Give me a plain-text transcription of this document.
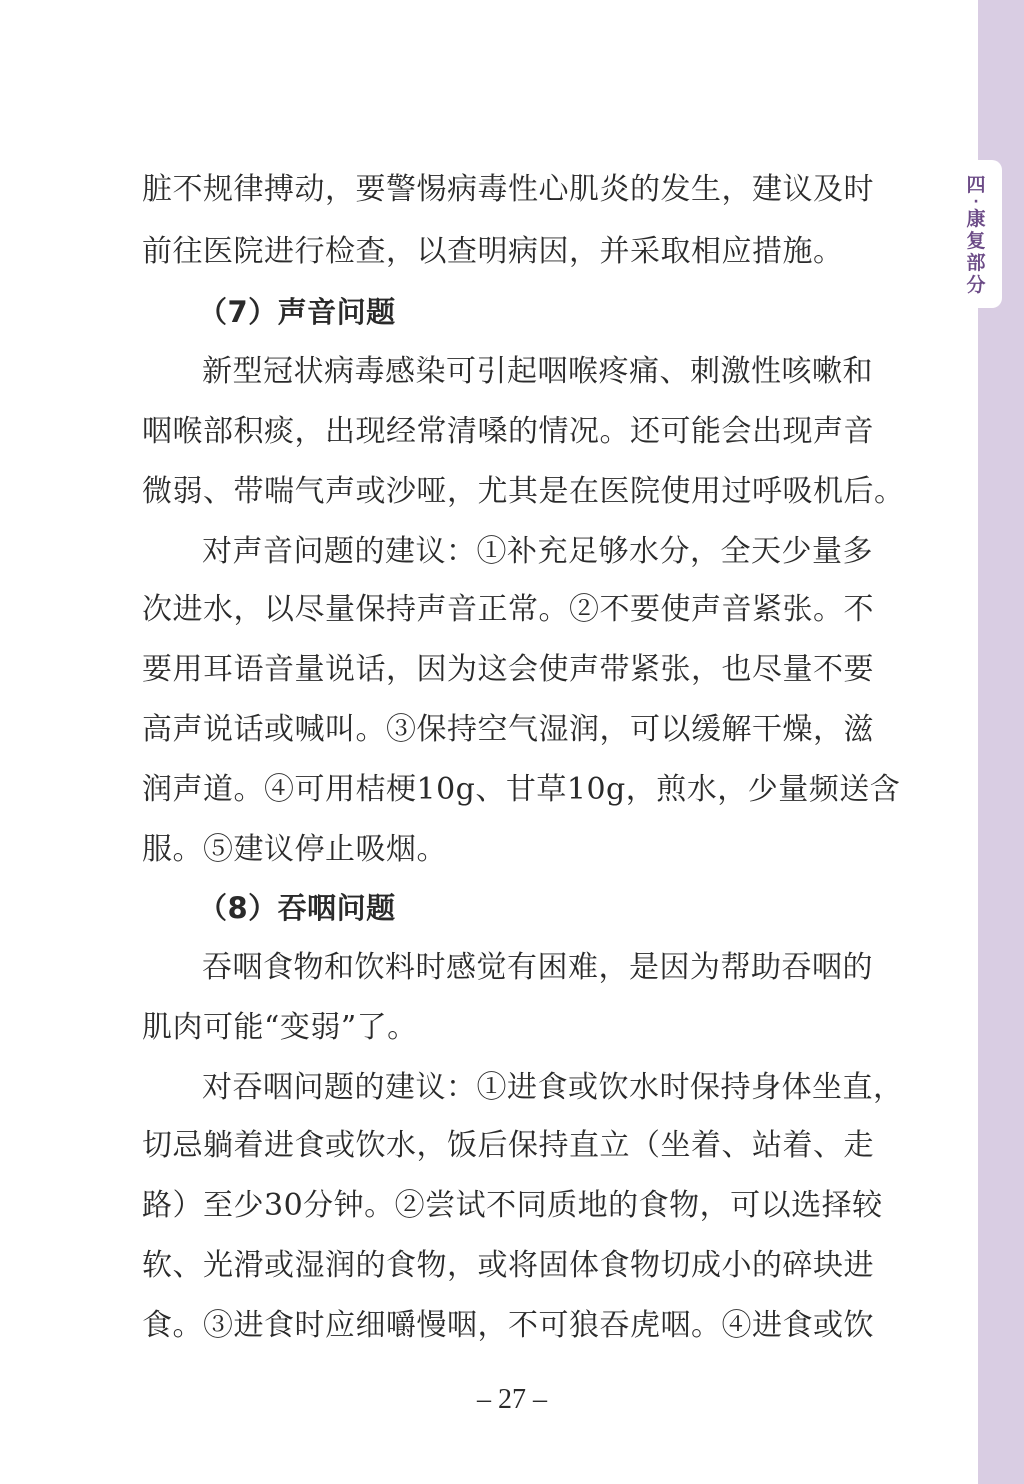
四
·
康
复
部
分
脏不规律搏动，要警惕病毒性心肌炎的发生，建议及时
前往医院进行检查，以查明病因，并采取相应措施。
（7）声音问题
新型冠状病毒感染可引起咽喉疼痛、刺激性咳嗽和
咽喉部积痰，出现经常清嗓的情况。还可能会出现声音
微弱、带喘气声或沙哑，尤其是在医院使用过呼吸机后。
对声音问题的建议：①补充足够水分，全天少量多
次进水，以尽量保持声音正常。②不要使声音紧张。不
要用耳语音量说话，因为这会使声带紧张，也尽量不要
高声说话或喊叫。③保持空气湿润，可以缓解干燥，滋
润声道。④可用桔梗10g、甘草10g，煎水，少量频送含
服。⑤建议停止吸烟。
（8）吞咽问题
吞咽食物和饮料时感觉有困难，是因为帮助吞咽的
肌肉可能“变弱”了。
对吞咽问题的建议：①进食或饮水时保持身体坐直，
切忌躺着进食或饮水，饭后保持直立（坐着、站着、走
路）至少30分钟。②尝试不同质地的食物，可以选择较
软、光滑或湿润的食物，或将固体食物切成小的碎块进
食。③进食时应细嚼慢咽，不可狼吞虎咽。④进食或饮
– 27 –
